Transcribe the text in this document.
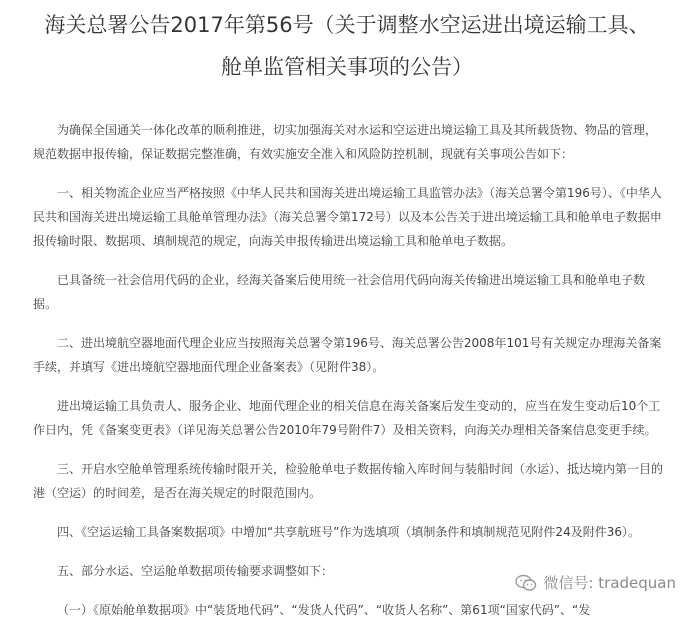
海关总署公告2017年第56号（关于调整水空运进出境运输工具、
舱单监管相关事项的公告）

为确保全国通关一体化改革的顺利推进，切实加强海关对水运和空运进出境运输工具及其所载货物、物品的管理，规范数据申报传输，保证数据完整准确，有效实施安全准入和风险防控机制，现就有关事项公告如下：

一、相关物流企业应当严格按照《中华人民共和国海关进出境运输工具监管办法》（海关总署令第196号）、《中华人民共和国海关进出境运输工具舱单管理办法》（海关总署令第172号）以及本公告关于进出境运输工具和舱单电子数据申报传输时限、数据项、填制规范的规定，向海关申报传输进出境运输工具和舱单电子数据。

已具备统一社会信用代码的企业，经海关备案后使用统一社会信用代码向海关传输进出境运输工具和舱单电子数据。

二、进出境航空器地面代理企业应当按照海关总署令第196号、海关总署公告2008年101号有关规定办理海关备案手续，并填写《进出境航空器地面代理企业备案表》（见附件38）。

进出境运输工具负责人、服务企业、地面代理企业的相关信息在海关备案后发生变动的，应当在发生变动后10个工作日内，凭《备案变更表》（详见海关总署公告2010年79号附件7）及相关资料，向海关办理相关备案信息变更手续。

三、开启水空舱单管理系统传输时限开关，检验舱单电子数据传输入库时间与装船时间（水运）、抵达境内第一目的港（空运）的时间差，是否在海关规定的时限范围内。

四、《空运运输工具备案数据项》中增加“共享航班号”作为选填项（填制条件和填制规范见附件24及附件36）。

五、部分水运、空运舱单数据项传输要求调整如下：

（一）《原始舱单数据项》中“装货地代码”、“发货人代码”、“收货人名称”、第61项“国家代码”、“发

微信号: tradequan
